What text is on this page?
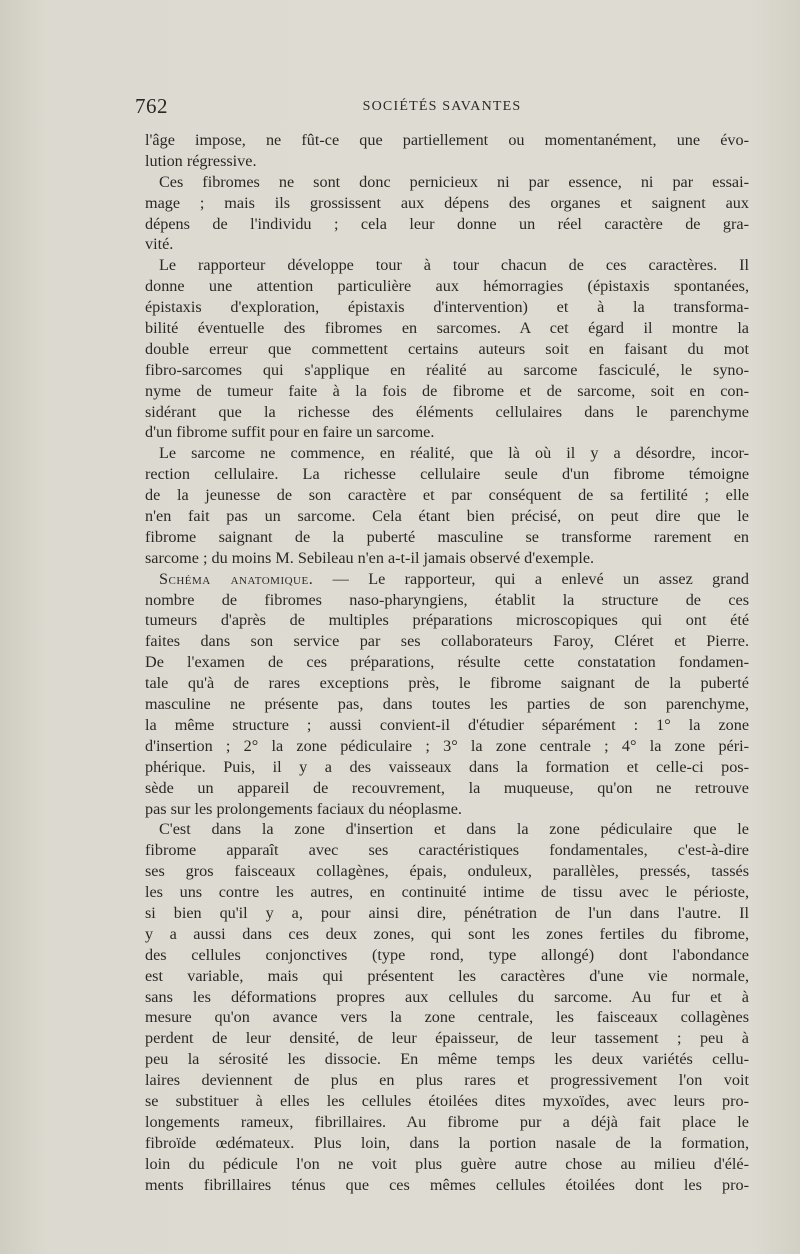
762	SOCIÉTÉS SAVANTES
l'âge impose, ne fût-ce que partiellement ou momentanément, une évo-
lution régressive.
Ces fibromes ne sont donc pernicieux ni par essence, ni par essai-
mage ; mais ils grossissent aux dépens des organes et saignent aux
dépens de l'individu ; cela leur donne un réel caractère de gra-
vité.
Le rapporteur développe tour à tour chacun de ces caractères. Il
donne une attention particulière aux hémorragies (épistaxis spontanées,
épistaxis d'exploration, épistaxis d'intervention) et à la transforma-
bilité éventuelle des fibromes en sarcomes. A cet égard il montre la
double erreur que commettent certains auteurs soit en faisant du mot
fibro-sarcomes qui s'applique en réalité au sarcome fasciculé, le syno-
nyme de tumeur faite à la fois de fibrome et de sarcome, soit en con-
sidérant que la richesse des éléments cellulaires dans le parenchyme
d'un fibrome suffit pour en faire un sarcome.
Le sarcome ne commence, en réalité, que là où il y a désordre, incor-
rection cellulaire. La richesse cellulaire seule d'un fibrome témoigne
de la jeunesse de son caractère et par conséquent de sa fertilité ; elle
n'en fait pas un sarcome. Cela étant bien précisé, on peut dire que le
fibrome saignant de la puberté masculine se transforme rarement en
sarcome ; du moins M. Sebileau n'en a-t-il jamais observé d'exemple.
Schéma anatomique. — Le rapporteur, qui a enlevé un assez grand
nombre de fibromes naso-pharyngiens, établit la structure de ces
tumeurs d'après de multiples préparations microscopiques qui ont été
faites dans son service par ses collaborateurs Faroy, Cléret et Pierre.
De l'examen de ces préparations, résulte cette constatation fondamen-
tale qu'à de rares exceptions près, le fibrome saignant de la puberté
masculine ne présente pas, dans toutes les parties de son parenchyme,
la même structure ; aussi convient-il d'étudier séparément : 1° la zone
d'insertion ; 2° la zone pédiculaire ; 3° la zone centrale ; 4° la zone péri-
phérique. Puis, il y a des vaisseaux dans la formation et celle-ci pos-
sède un appareil de recouvrement, la muqueuse, qu'on ne retrouve
pas sur les prolongements faciaux du néoplasme.
C'est dans la zone d'insertion et dans la zone pédiculaire que le
fibrome apparaît avec ses caractéristiques fondamentales, c'est-à-dire
ses gros faisceaux collagènes, épais, onduleux, parallèles, pressés, tassés
les uns contre les autres, en continuité intime de tissu avec le périoste,
si bien qu'il y a, pour ainsi dire, pénétration de l'un dans l'autre. Il
y a aussi dans ces deux zones, qui sont les zones fertiles du fibrome,
des cellules conjonctives (type rond, type allongé) dont l'abondance
est variable, mais qui présentent les caractères d'une vie normale,
sans les déformations propres aux cellules du sarcome. Au fur et à
mesure qu'on avance vers la zone centrale, les faisceaux collagènes
perdent de leur densité, de leur épaisseur, de leur tassement ; peu à
peu la sérosité les dissocie. En même temps les deux variétés cellu-
laires deviennent de plus en plus rares et progressivement l'on voit
se substituer à elles les cellules étoilées dites myxoïdes, avec leurs pro-
longements rameux, fibrillaires. Au fibrome pur a déjà fait place le
fibroïde œdémateux. Plus loin, dans la portion nasale de la formation,
loin du pédicule l'on ne voit plus guère autre chose au milieu d'élé-
ments fibrillaires ténus que ces mêmes cellules étoilées dont les pro-
